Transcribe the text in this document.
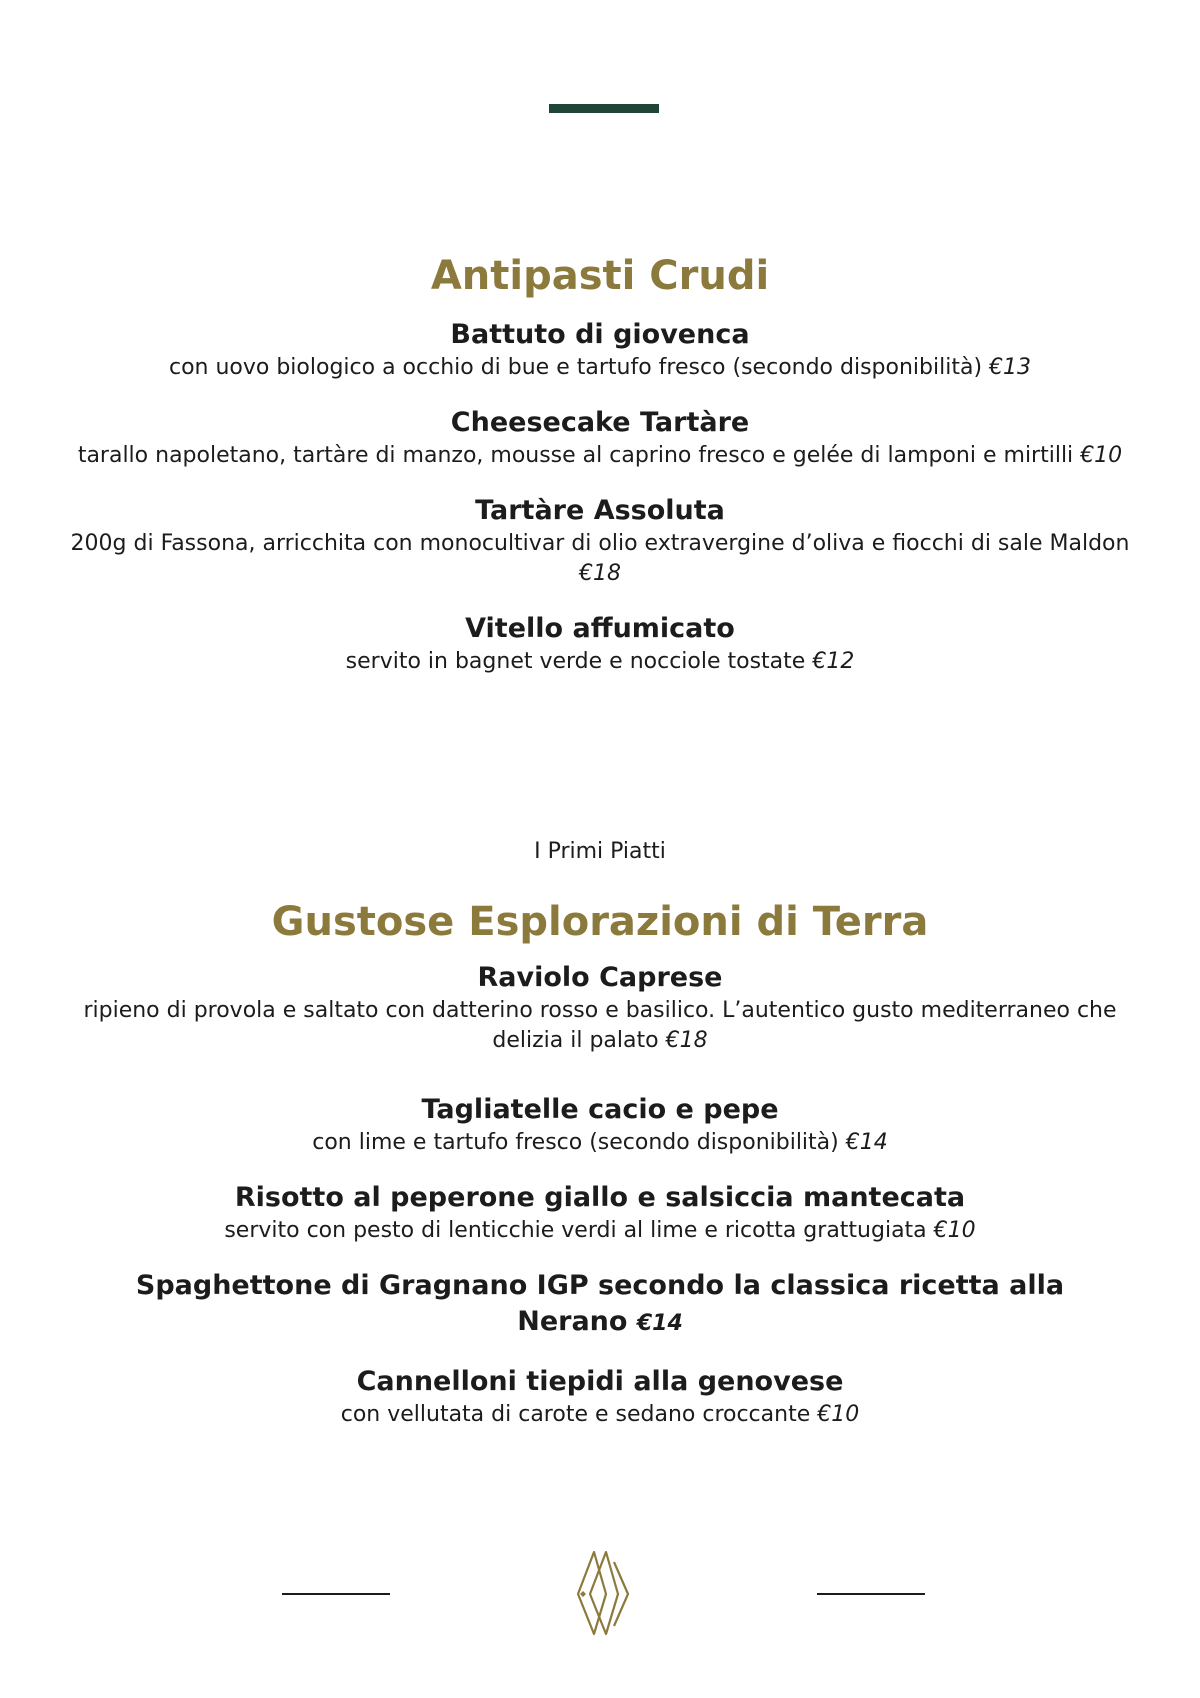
Antipasti Crudi

Battuto di giovenca

con uovo biologico a occhio di bue e tartufo fresco (secondo disponibilità) €13

Cheesecake Tartàre

tarallo napoletano, tartàre di manzo, mousse al caprino fresco e gelée di lamponi e mirtilli €10

Tartàre Assoluta

200g di Fassona, arricchita con monocultivar di olio extravergine d’oliva e fiocchi di sale Maldon €18

Vitello affumicato

servito in bagnet verde e nocciole tostate €12

I Primi Piatti

Gustose Esplorazioni di Terra

Raviolo Caprese

ripieno di provola e saltato con datterino rosso e basilico. L’autentico gusto mediterraneo che delizia il palato €18

Tagliatelle cacio e pepe

con lime e tartufo fresco (secondo disponibilità) €14

Risotto al peperone giallo e salsiccia mantecata

servito con pesto di lenticchie verdi al lime e ricotta grattugiata €10

Spaghettone di Gragnano IGP secondo la classica ricetta alla Nerano €14

Cannelloni tiepidi alla genovese

con vellutata di carote e sedano croccante €10
